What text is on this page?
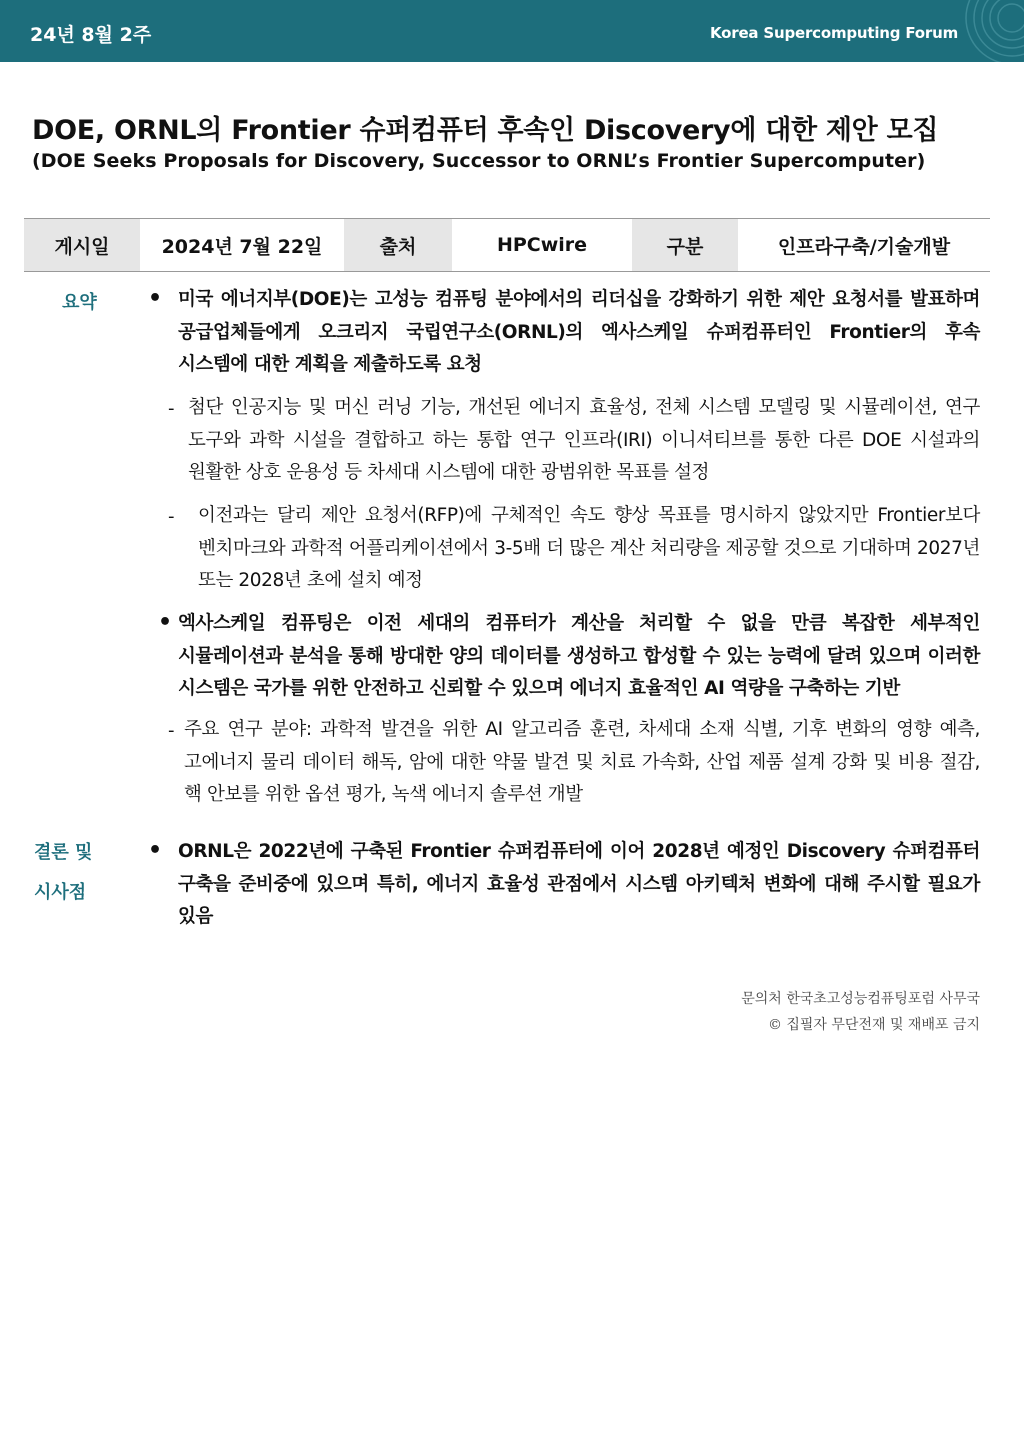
24년 8월 2주	Korea Supercomputing Forum
DOE, ORNL의 Frontier 슈퍼컴퓨터 후속인 Discovery에 대한 제안 모집
(DOE Seeks Proposals for Discovery, Successor to ORNL’s Frontier Supercomputer)
게시일	2024년 7월 22일	출처	HPCwire	구분	인프라구축/기술개발
요약 • 미국 에너지부(DOE)는 고성능 컴퓨팅 분야에서의 리더십을 강화하기 위한 제안 요청서를 발표하며 공급업체들에게 오크리지 국립연구소(ORNL)의 엑사스케일 슈퍼컴퓨터인 Frontier의 후속 시스템에 대한 계획을 제출하도록 요청
- 첨단 인공지능 및 머신 러닝 기능, 개선된 에너지 효율성, 전체 시스템 모델링 및 시뮬레이션, 연구 도구와 과학 시설을 결합하고 하는 통합 연구 인프라(IRI) 이니셔티브를 통한 다른 DOE 시설과의 원활한 상호 운용성 등 차세대 시스템에 대한 광범위한 목표를 설정
- 이전과는 달리 제안 요청서(RFP)에 구체적인 속도 향상 목표를 명시하지 않았지만 Frontier보다 벤치마크와 과학적 어플리케이션에서 3-5배 더 많은 계산 처리량을 제공할 것으로 기대하며 2027년 또는 2028년 초에 설치 예정
• 엑사스케일 컴퓨팅은 이전 세대의 컴퓨터가 계산을 처리할 수 없을 만큼 복잡한 세부적인 시뮬레이션과 분석을 통해 방대한 양의 데이터를 생성하고 합성할 수 있는 능력에 달려 있으며 이러한 시스템은 국가를 위한 안전하고 신뢰할 수 있으며 에너지 효율적인 AI 역량을 구축하는 기반
- 주요 연구 분야: 과학적 발견을 위한 AI 알고리즘 훈련, 차세대 소재 식별, 기후 변화의 영향 예측, 고에너지 물리 데이터 해독, 암에 대한 약물 발견 및 치료 가속화, 산업 제품 설계 강화 및 비용 절감, 핵 안보를 위한 옵션 평가, 녹색 에너지 솔루션 개발
결론 및
시사점
• ORNL은 2022년에 구축된 Frontier 슈퍼컴퓨터에 이어 2028년 예정인 Discovery 슈퍼컴퓨터 구축을 준비중에 있으며 특히, 에너지 효율성 관점에서 시스템 아키텍처 변화에 대해 주시할 필요가 있음
문의처 한국초고성능컴퓨팅포럼 사무국
© 집필자 무단전재 및 재배포 금지
